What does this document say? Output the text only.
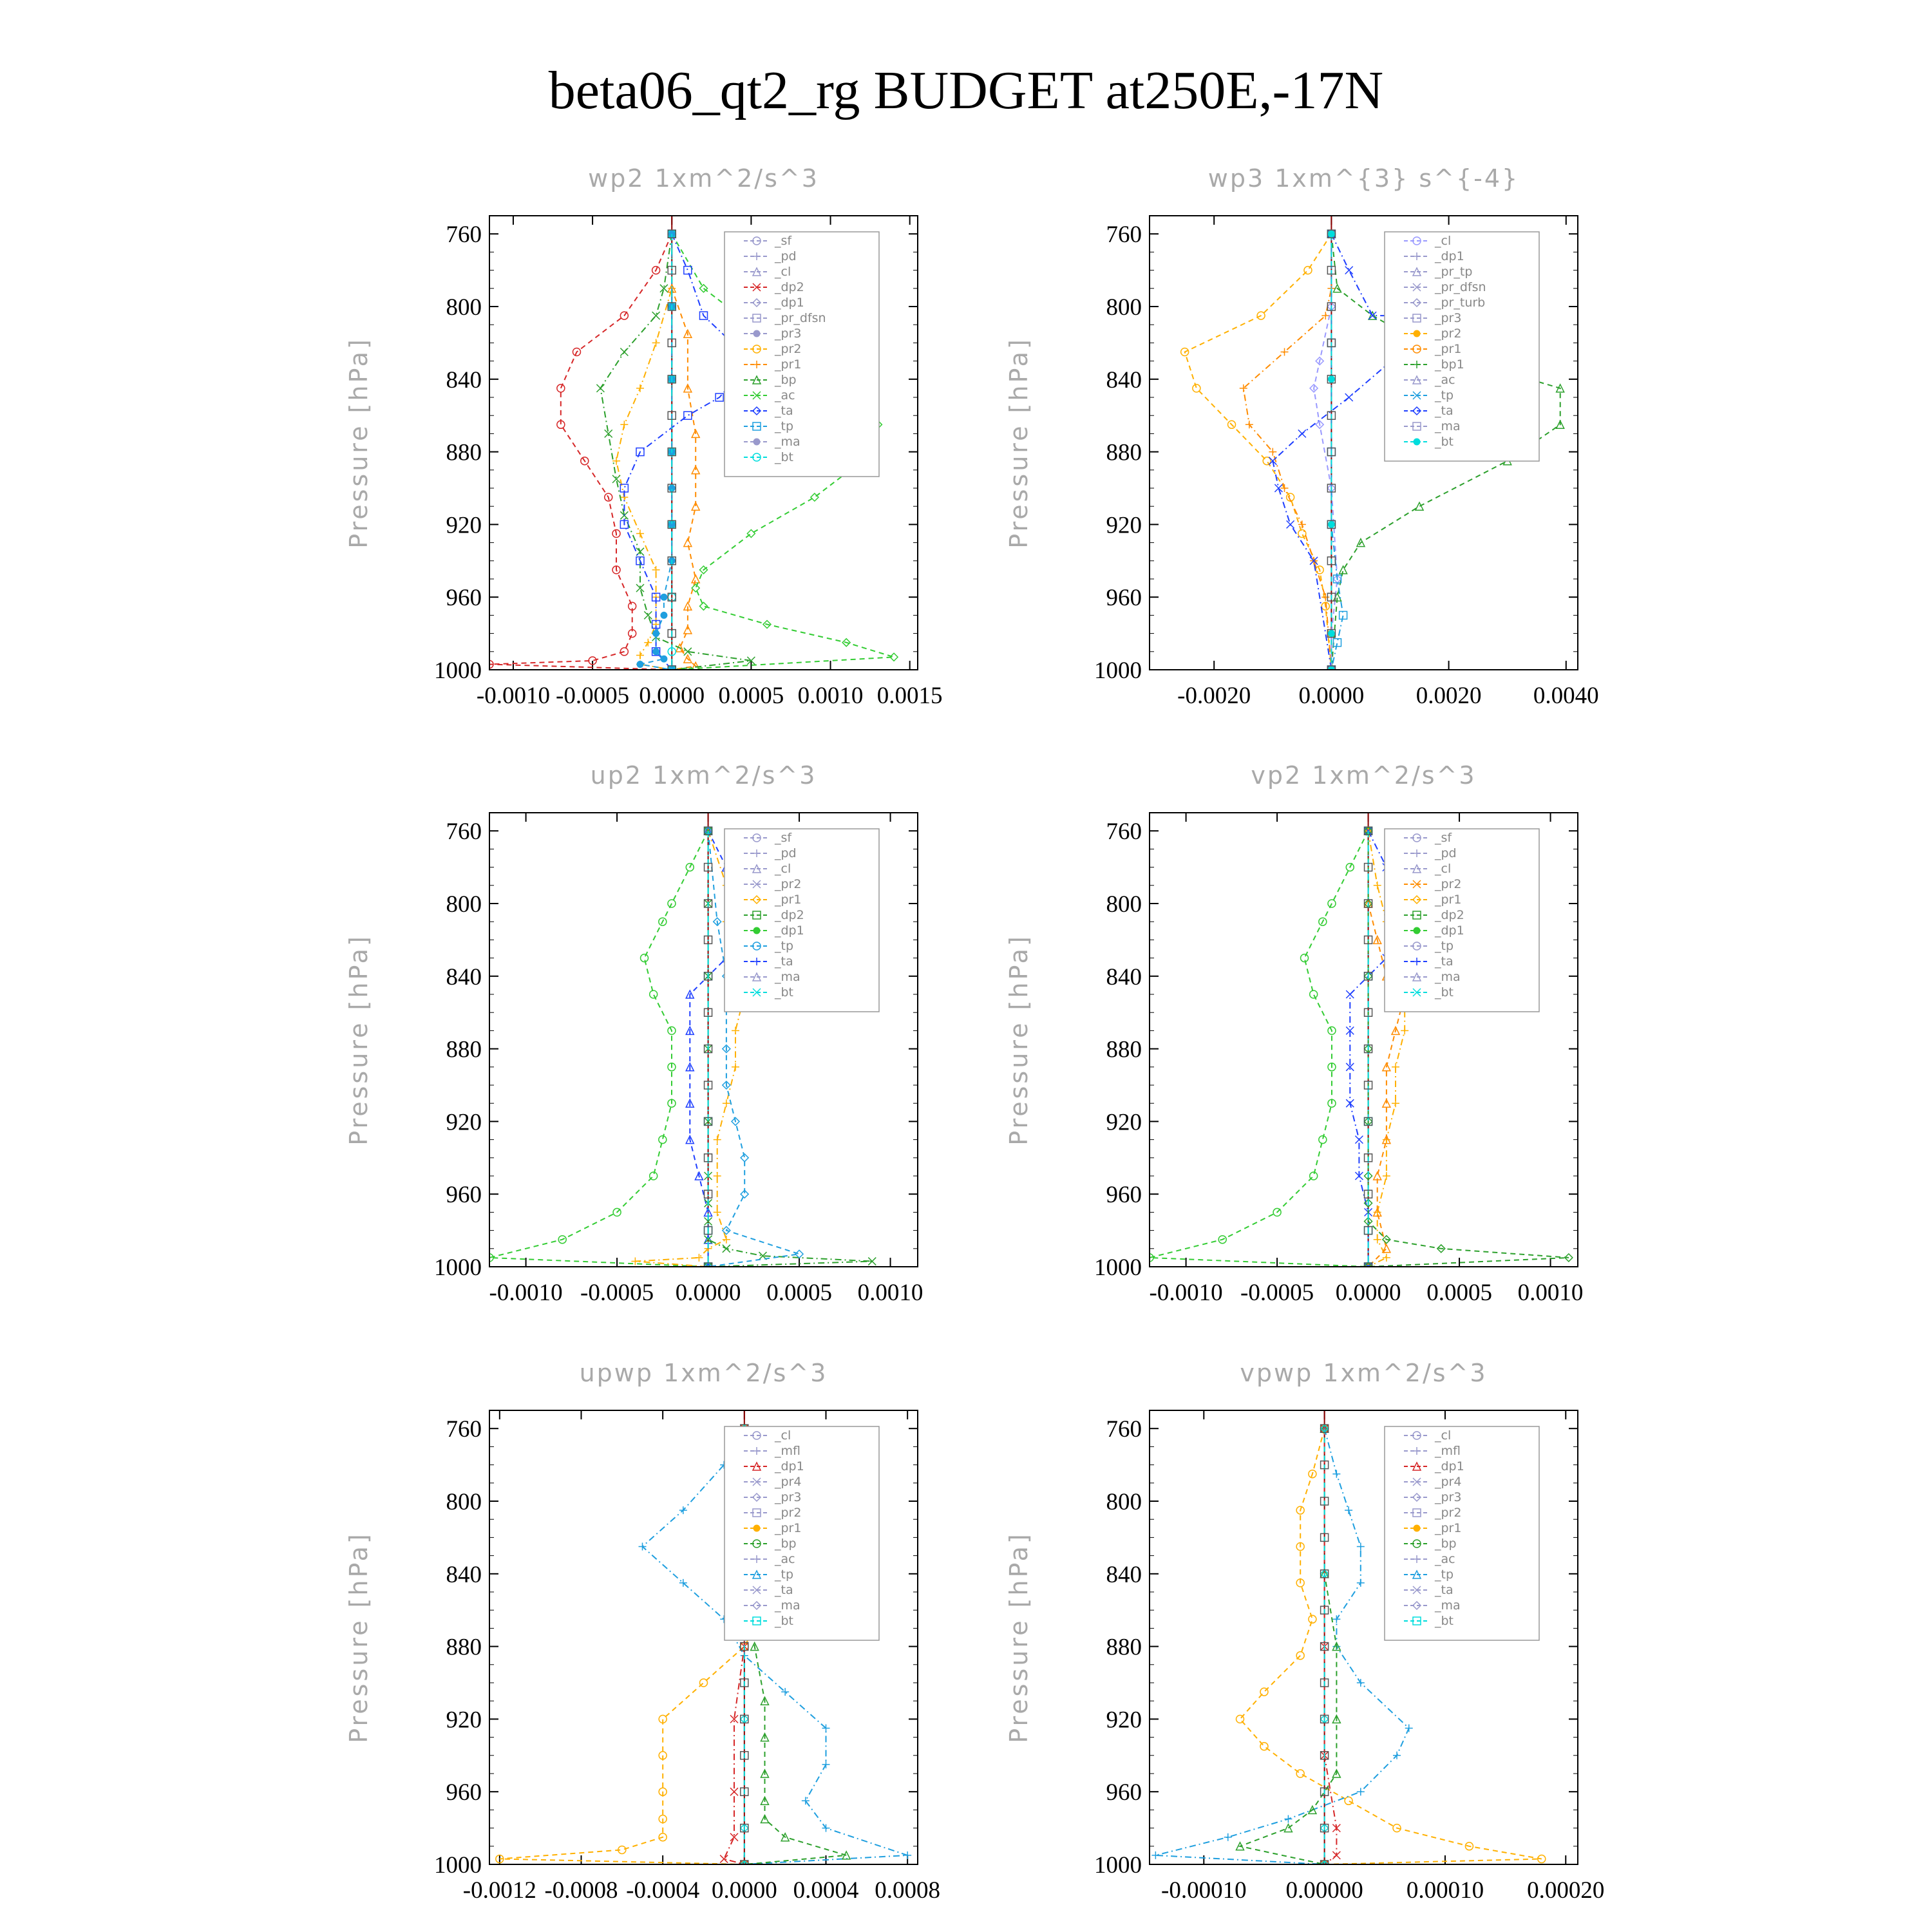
beta06_qt2_rg BUDGET at250E,-17N
wp2 1xm^2/s^3
Pressure [hPa]
760
800
840
880
920
960
1000
-0.0010 -0.0005 0.0000 0.0005 0.0010 0.0015
_sf
_pd
_cl
_dp2
_dp1
_pr_dfsn
_pr3
_pr2
_pr1
_bp
_ac
_ta
_tp
_ma
_bt
wp3 1xm^{3} s^{-4}
Pressure [hPa]
760
800
840
880
920
960
1000
-0.0020 0.0000 0.0020 0.0040
_cl
_dp1
_pr_tp
_pr_dfsn
_pr_turb
_pr3
_pr2
_pr1
_bp1
_ac
_tp
_ta
_ma
_bt
up2 1xm^2/s^3
Pressure [hPa]
760
800
840
880
920
960
1000
-0.0010 -0.0005 0.0000 0.0005 0.0010
_sf
_pd
_cl
_pr2
_pr1
_dp2
_dp1
_tp
_ta
_ma
_bt
vp2 1xm^2/s^3
Pressure [hPa]
760
800
840
880
920
960
1000
-0.0010 -0.0005 0.0000 0.0005 0.0010
_sf
_pd
_cl
_pr2
_pr1
_dp2
_dp1
_tp
_ta
_ma
_bt
upwp 1xm^2/s^3
Pressure [hPa]
760
800
840
880
920
960
1000
-0.0012 -0.0008 -0.0004 0.0000 0.0004 0.0008
_cl
_mfl
_dp1
_pr4
_pr3
_pr2
_pr1
_bp
_ac
_tp
_ta
_ma
_bt
vpwp 1xm^2/s^3
Pressure [hPa]
760
800
840
880
920
960
1000
-0.00010 0.00000 0.00010 0.00020
_cl
_mfl
_dp1
_pr4
_pr3
_pr2
_pr1
_bp
_ac
_tp
_ta
_ma
_bt
